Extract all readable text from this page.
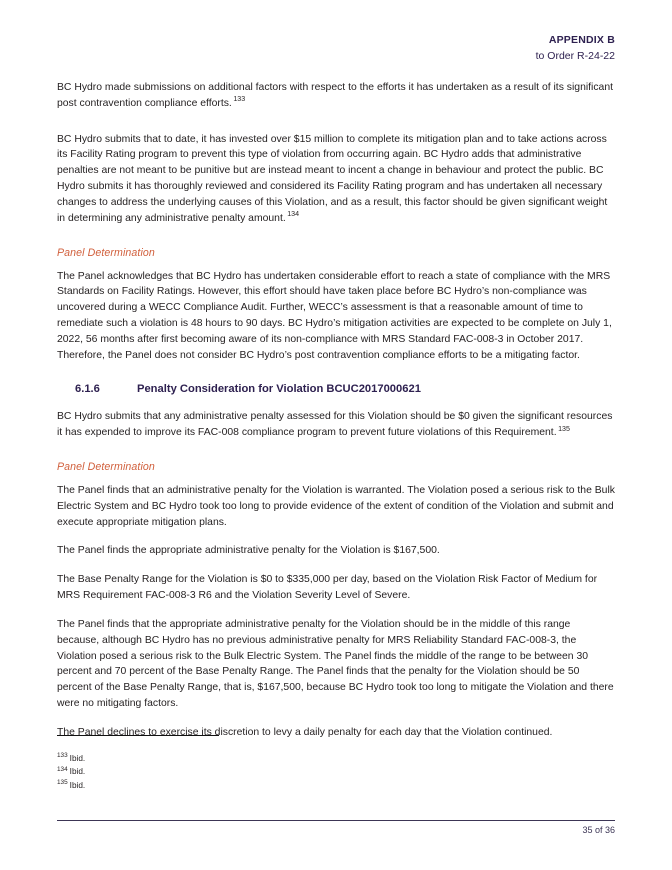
APPENDIX B
to Order R-24-22

BC Hydro made submissions on additional factors with respect to the efforts it has undertaken as a result of its significant post contravention compliance efforts. $^{133}$

BC Hydro submits that to date, it has invested over $15 million to complete its mitigation plan and to take actions across its Facility Rating program to prevent this type of violation from occurring again. BC Hydro adds that administrative penalties are not meant to be punitive but are instead meant to incent a change in behaviour and protect the public. BC Hydro submits it has thoroughly reviewed and considered its Facility Rating program and has undertaken all necessary changes to address the underlying causes of this Violation, and as a result, this factor should be given significant weight in determining any administrative penalty amount. $^{134}$

Panel Determination

The Panel acknowledges that BC Hydro has undertaken considerable effort to reach a state of compliance with the MRS Standards on Facility Ratings. However, this effort should have taken place before BC Hydro’s non-compliance was uncovered during a WECC Compliance Audit. Further, WECC’s assessment is that a reasonable amount of time to remediate such a violation is 48 hours to 90 days. BC Hydro’s mitigation activities are expected to be complete on July 1, 2022, 56 months after first becoming aware of its non-compliance with MRS Standard FAC-008-3 in October 2017. Therefore, the Panel does not consider BC Hydro’s post contravention compliance efforts to be a mitigating factor.

6.1.6	Penalty Consideration for Violation BCUC2017000621

BC Hydro submits that any administrative penalty assessed for this Violation should be $0 given the significant resources it has expended to improve its FAC-008 compliance program to prevent future violations of this Requirement. $^{135}$

Panel Determination

The Panel finds that an administrative penalty for the Violation is warranted. The Violation posed a serious risk to the Bulk Electric System and BC Hydro took too long to provide evidence of the extent of condition of the Violation and submit and execute appropriate mitigation plans.

The Panel finds the appropriate administrative penalty for the Violation is $167,500.

The Base Penalty Range for the Violation is $0 to $335,000 per day, based on the Violation Risk Factor of Medium for MRS Requirement FAC-008-3 R6 and the Violation Severity Level of Severe.

The Panel finds that the appropriate administrative penalty for the Violation should be in the middle of this range because, although BC Hydro has no previous administrative penalty for MRS Reliability Standard FAC-008-3, the Violation posed a serious risk to the Bulk Electric System. The Panel finds the middle of the range to be between 30 percent and 70 percent of the Base Penalty Range. The Panel finds that the penalty for the Violation should be 50 percent of the Base Penalty Range, that is, $167,500, because BC Hydro took too long to mitigate the Violation and there were no mitigating factors.

The Panel declines to exercise its discretion to levy a daily penalty for each day that the Violation continued.

$^{133}$ Ibid.

$^{134}$ Ibid.

$^{135}$ Ibid.

35 of 36
